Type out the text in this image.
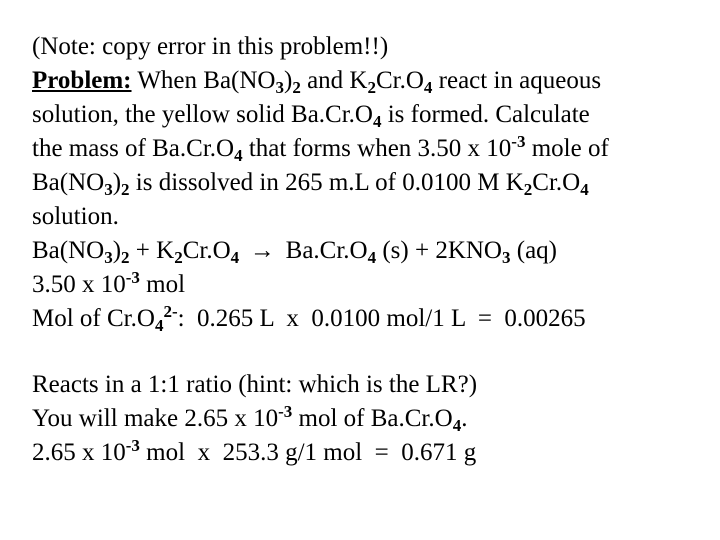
(Note: copy error in this problem!!)
Problem: When $Ba(NO_3)_2$ and $K_2Cr.O_4$ react in aqueous
solution, the yellow solid $Ba.Cr.O_4$ is formed. Calculate
the mass of $Ba.Cr.O_4$ that forms when 3.50 x $10^{-3}$ mole of
$Ba(NO_3)_2$ is dissolved in 265 m.L of 0.0100 M $K_2Cr.O_4$
solution.
$Ba(NO_3)_2 + K_2Cr.O_4 \to Ba.Cr.O_4$ $(s) + 2KNO_3$ (aq)
3.50 x $10^{-3}$ mol
Mol of $Cr.O_4^{2-}$:  0.265 L  x  0.0100 mol/1 L  =  0.00265
Reacts in a 1:1 ratio (hint: which is the LR?)
You will make 2.65 x $10^{-3}$ mol of $Ba.Cr.O_4$.
2.65 x $10^{-3}$ mol  x  253.3 g/1 mol  =  0.671 g
